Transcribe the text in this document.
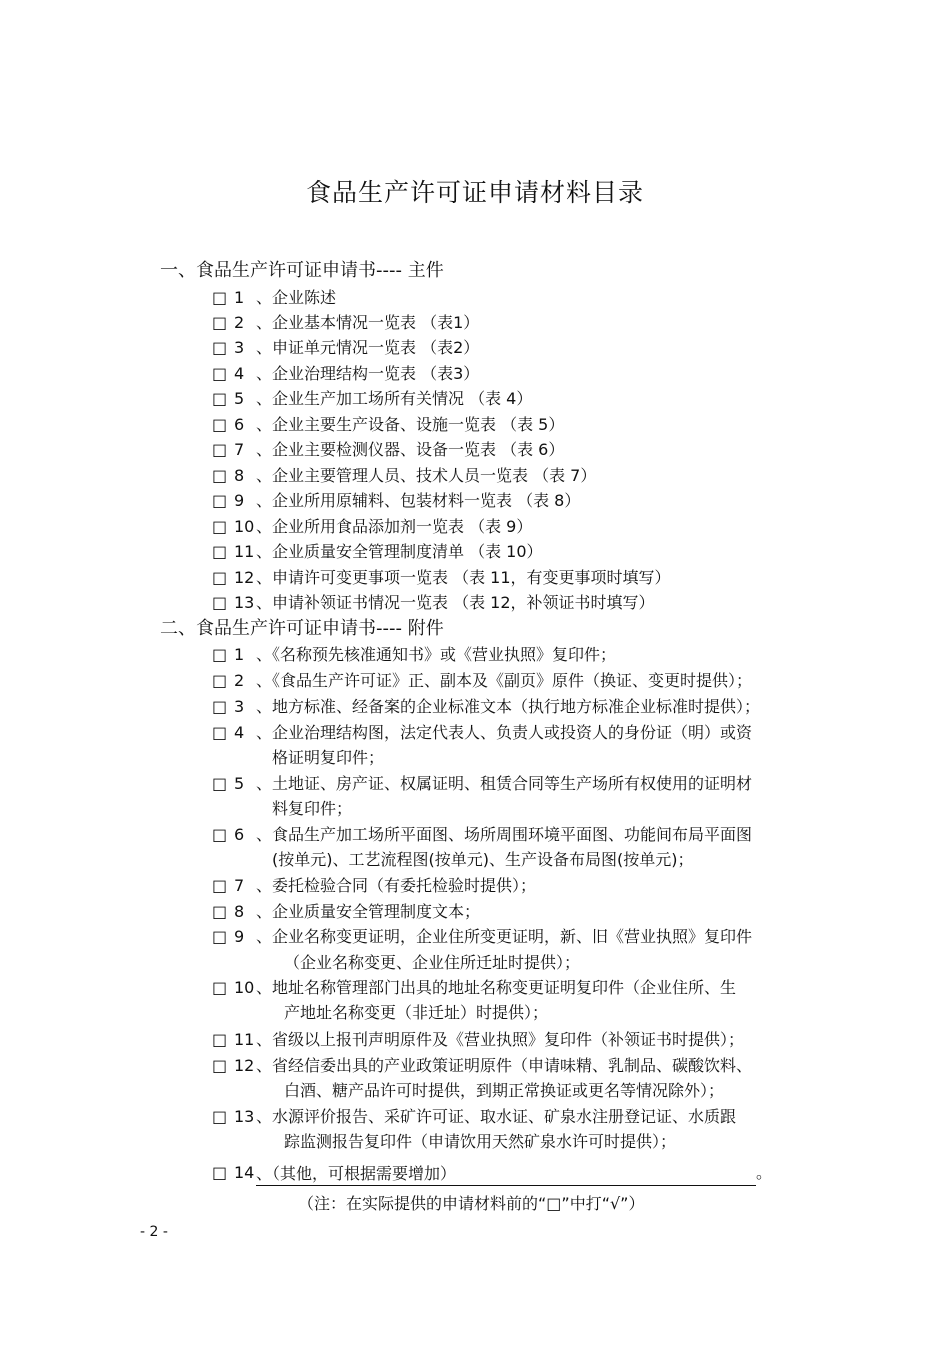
食品生产许可证申请材料目录
一、食品生产许可证申请书---- 主件
□ 1 、企业陈述
□ 2 、企业基本情况一览表 （表1）
□ 3 、申证单元情况一览表 （表2）
□ 4 、企业治理结构一览表 （表3）
□ 5 、企业生产加工场所有关情况 （表 4）
□ 6 、企业主要生产设备、设施一览表 （表 5）
□ 7 、企业主要检测仪器、设备一览表 （表 6）
□ 8 、企业主要管理人员、技术人员一览表 （表 7）
□ 9 、企业所用原辅料、包装材料一览表 （表 8）
□ 10 、企业所用食品添加剂一览表 （表 9）
□ 11 、企业质量安全管理制度清单 （表 10）
□ 12 、申请许可变更事项一览表 （表 11，有变更事项时填写）
□ 13 、申请补领证书情况一览表 （表 12，补领证书时填写）
二、食品生产许可证申请书---- 附件
□ 1 、《名称预先核准通知书》或《营业执照》复印件；
□ 2 、《食品生产许可证》正、副本及《副页》原件（换证、变更时提供）；
□ 3 、地方标准、经备案的企业标准文本（执行地方标准企业标准时提供）；
□ 4 、企业治理结构图，法定代表人、负责人或投资人的身份证（明）或资
格证明复印件；
□ 5 、土地证、房产证、权属证明、租赁合同等生产场所有权使用的证明材
料复印件；
□ 6 、食品生产加工场所平面图、场所周围环境平面图、功能间布局平面图
(按单元)、工艺流程图(按单元)、生产设备布局图(按单元)；
□ 7 、委托检验合同（有委托检验时提供）；
□ 8 、企业质量安全管理制度文本；
□ 9 、企业名称变更证明，企业住所变更证明，新、旧《营业执照》复印件
（企业名称变更、企业住所迁址时提供）；
□ 10 、地址名称管理部门出具的地址名称变更证明复印件（企业住所、生
产地址名称变更（非迁址）时提供）；
□ 11 、省级以上报刊声明原件及《营业执照》复印件（补领证书时提供）；
□ 12 、省经信委出具的产业政策证明原件（申请味精、乳制品、碳酸饮料、
白酒、糖产品许可时提供，到期正常换证或更名等情况除外）；
□ 13 、水源评价报告、采矿许可证、取水证、矿泉水注册登记证、水质跟
踪监测报告复印件（申请饮用天然矿泉水许可时提供）；
□ 14 、（其他，可根据需要增加）	。
（注：在实际提供的申请材料前的“□”中打“√”）
- 2 -
